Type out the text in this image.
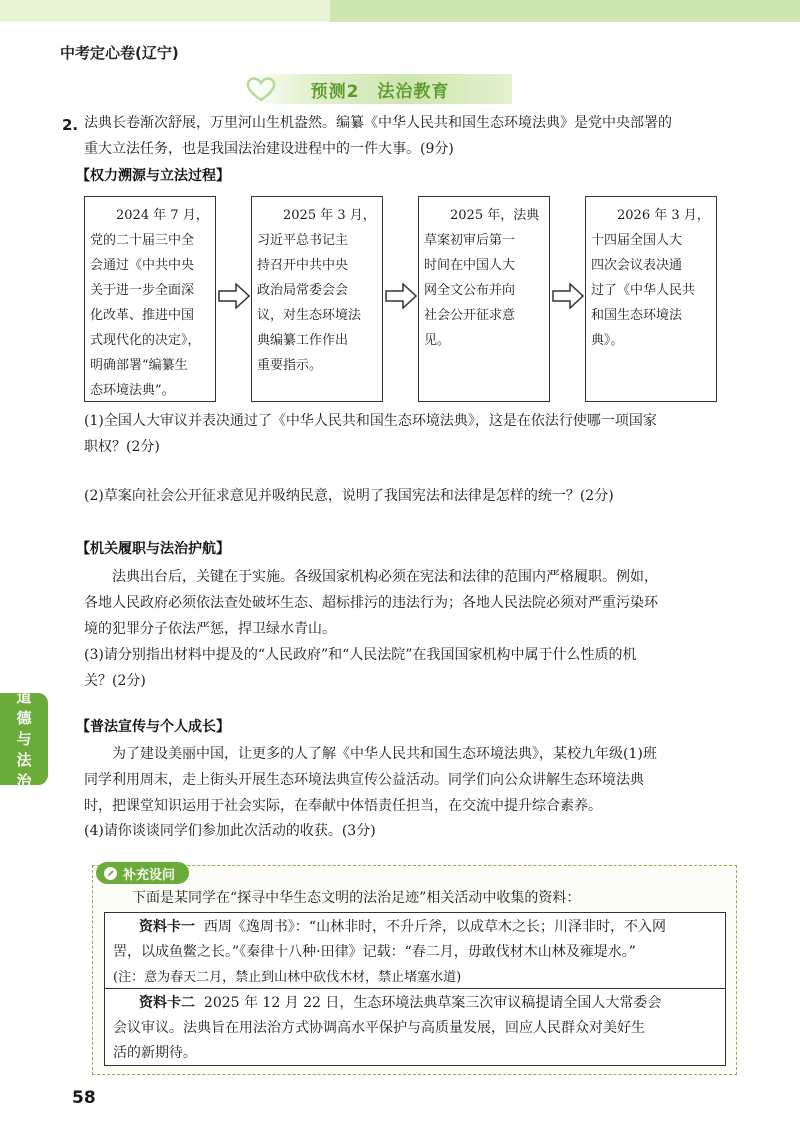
中考定心卷(辽宁)
预测2 法治教育
2. 法典长卷渐次舒展，万里河山生机盎然。编纂《中华人民共和国生态环境法典》是党中央部署的
重大立法任务，也是我国法治建设进程中的一件大事。(9分)
【权力溯源与立法过程】
2024 年 7 月，
党的二十届三中全
会通过《中共中央
关于进一步全面深
化改革、推进中国
式现代化的决定》，
明确部署“编纂生
态环境法典”。
2025 年 3 月，
习近平总书记主
持召开中共中央
政治局常委会会
议，对生态环境法
典编纂工作作出
重要指示。
2025 年，法典
草案初审后第一
时间在中国人大
网全文公布并向
社会公开征求意
见。
2026 年 3 月，
十四届全国人大
四次会议表决通
过了《中华人民共
和国生态环境法
典》。
(1)全国人大审议并表决通过了《中华人民共和国生态环境法典》，这是在依法行使哪一项国家
职权？(2分)
(2)草案向社会公开征求意见并吸纳民意，说明了我国宪法和法律是怎样的统一？(2分)
【机关履职与法治护航】
法典出台后，关键在于实施。各级国家机构必须在宪法和法律的范围内严格履职。例如，
各地人民政府必须依法查处破坏生态、超标排污的违法行为；各地人民法院必须对严重污染环
境的犯罪分子依法严惩，捍卫绿水青山。
(3)请分别指出材料中提及的“人民政府”和“人民法院”在我国国家机构中属于什么性质的机
关？(2分)
【普法宣传与个人成长】
为了建设美丽中国，让更多的人了解《中华人民共和国生态环境法典》，某校九年级(1)班
同学利用周末，走上街头开展生态环境法典宣传公益活动。同学们向公众讲解生态环境法典
时，把课堂知识运用于社会实际，在奉献中体悟责任担当，在交流中提升综合素养。
(4)请你谈谈同学们参加此次活动的收获。(3分)
道
德
与
法
治
补充设问
下面是某同学在“探寻中华生态文明的法治足迹”相关活动中收集的资料：
资料卡一 西周《逸周书》：“山林非时，不升斤斧，以成草木之长；川泽非时，不入网
罟，以成鱼鳖之长。”《秦律十八种·田律》记载：“春二月，毋敢伐材木山林及雍堤水。”
(注：意为春天二月，禁止到山林中砍伐木材，禁止堵塞水道)
资料卡二 2025 年 12 月 22 日，生态环境法典草案三次审议稿提请全国人大常委会
会议审议。法典旨在用法治方式协调高水平保护与高质量发展，回应人民群众对美好生
活的新期待。
58
